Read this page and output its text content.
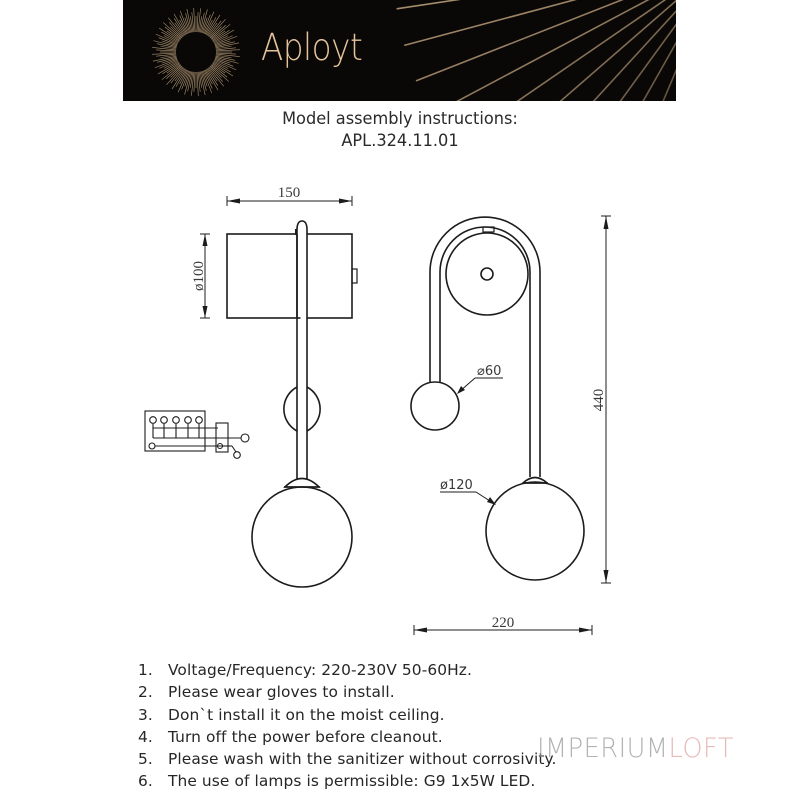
Aployt
Model assembly instructions:
APL.324.11.01
150
ø100
440
220
⌀60
ø120
1. Voltage/Frequency: 220-230V 50-60Hz.
2. Please wear gloves to install.
3. Don`t install it on the moist ceiling.
4. Turn off the power before cleanout.
5. Please wash with the sanitizer without corrosivity.
6. The use of lamps is permissible: G9 1x5W LED.
IMPERIUMLOFT
